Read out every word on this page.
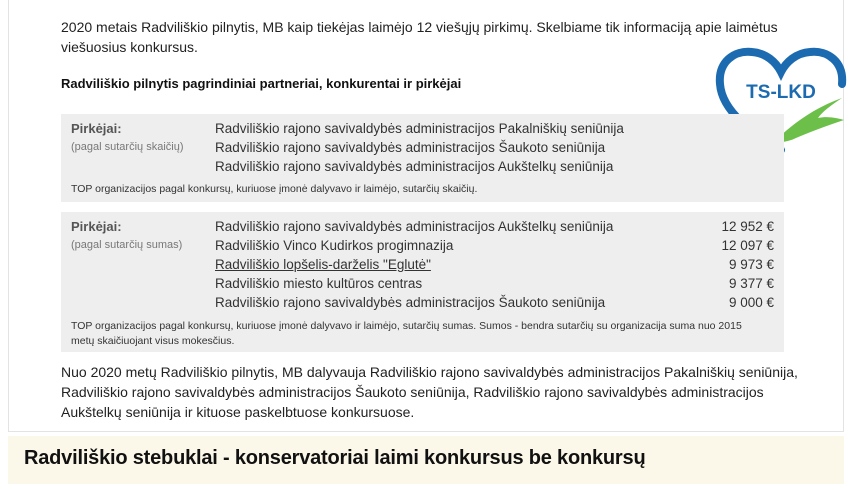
2020 metais Radviliškio pilnytis, MB kaip tiekėjas laimėjo 12 viešųjų pirkimų. Skelbiame tik informaciją apie laimėtus viešuosius konkursus.
Radviliškio pilnytis pagrindiniai partneriai, konkurentai ir pirkėjai	TS-LKD
Pirkėjai:
(pagal sutarčių skaičių)
Radviliškio rajono savivaldybės administracijos Pakalniškių seniūnija
Radviliškio rajono savivaldybės administracijos Šaukoto seniūnija
Radviliškio rajono savivaldybės administracijos Aukštelkų seniūnija
TOP organizacijos pagal konkursų, kuriuose įmonė dalyvavo ir laimėjo, sutarčių skaičių.
Pirkėjai:
(pagal sutarčių sumas)
Radviliškio rajono savivaldybės administracijos Aukštelkų seniūnija	12 952 €
Radviliškio Vinco Kudirkos progimnazija	12 097 €
Radviliškio lopšelis-darželis "Eglutė"	9 973 €
Radviliškio miesto kultūros centras	9 377 €
Radviliškio rajono savivaldybės administracijos Šaukoto seniūnija	9 000 €
TOP organizacijos pagal konkursų, kuriuose įmonė dalyvavo ir laimėjo, sutarčių sumas. Sumos - bendra sutarčių su organizacija suma nuo 2015 metų skaičiuojant visus mokesčius.
Nuo 2020 metų Radviliškio pilnytis, MB dalyvauja Radviliškio rajono savivaldybės administracijos Pakalniškių seniūnija, Radviliškio rajono savivaldybės administracijos Šaukoto seniūnija, Radviliškio rajono savivaldybės administracijos Aukštelkų seniūnija ir kituose paskelbtuose konkursuose.
Radviliškio stebuklai - konservatoriai laimi konkursus be konkursų
